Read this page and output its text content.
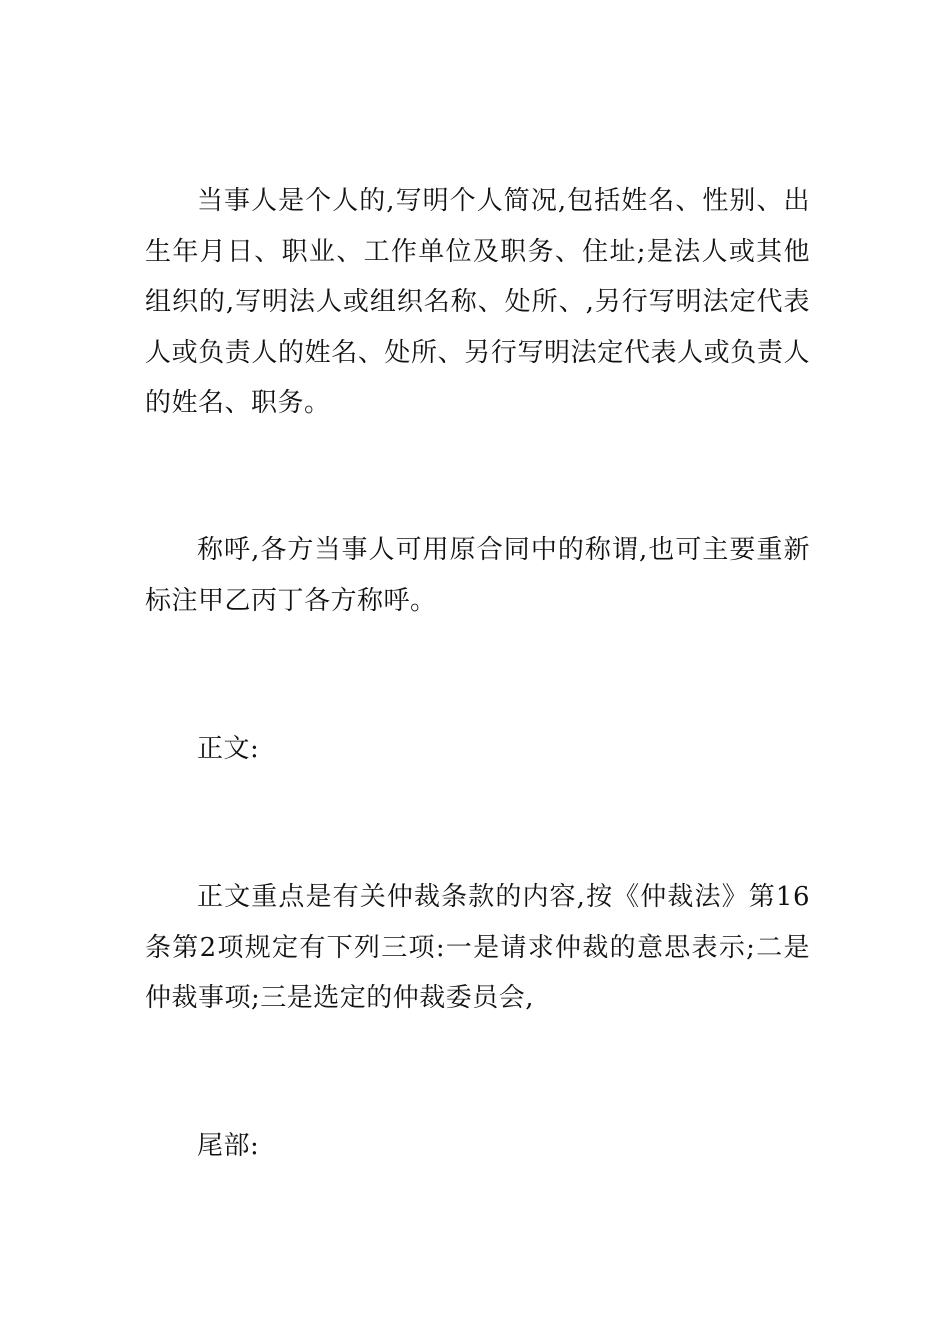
当事人是个人的,写明个人简况,包括姓名、性别、出生年月日、职业、工作单位及职务、住址;是法人或其他组织的,写明法人或组织名称、处所、,另行写明法定代表人或负责人的姓名、处所、另行写明法定代表人或负责人的姓名、职务。

称呼,各方当事人可用原合同中的称谓,也可主要重新标注甲乙丙丁各方称呼。

正文:

正文重点是有关仲裁条款的内容,按《仲裁法》第16条第2项规定有下列三项:一是请求仲裁的意思表示;二是仲裁事项;三是选定的仲裁委员会,

尾部:
